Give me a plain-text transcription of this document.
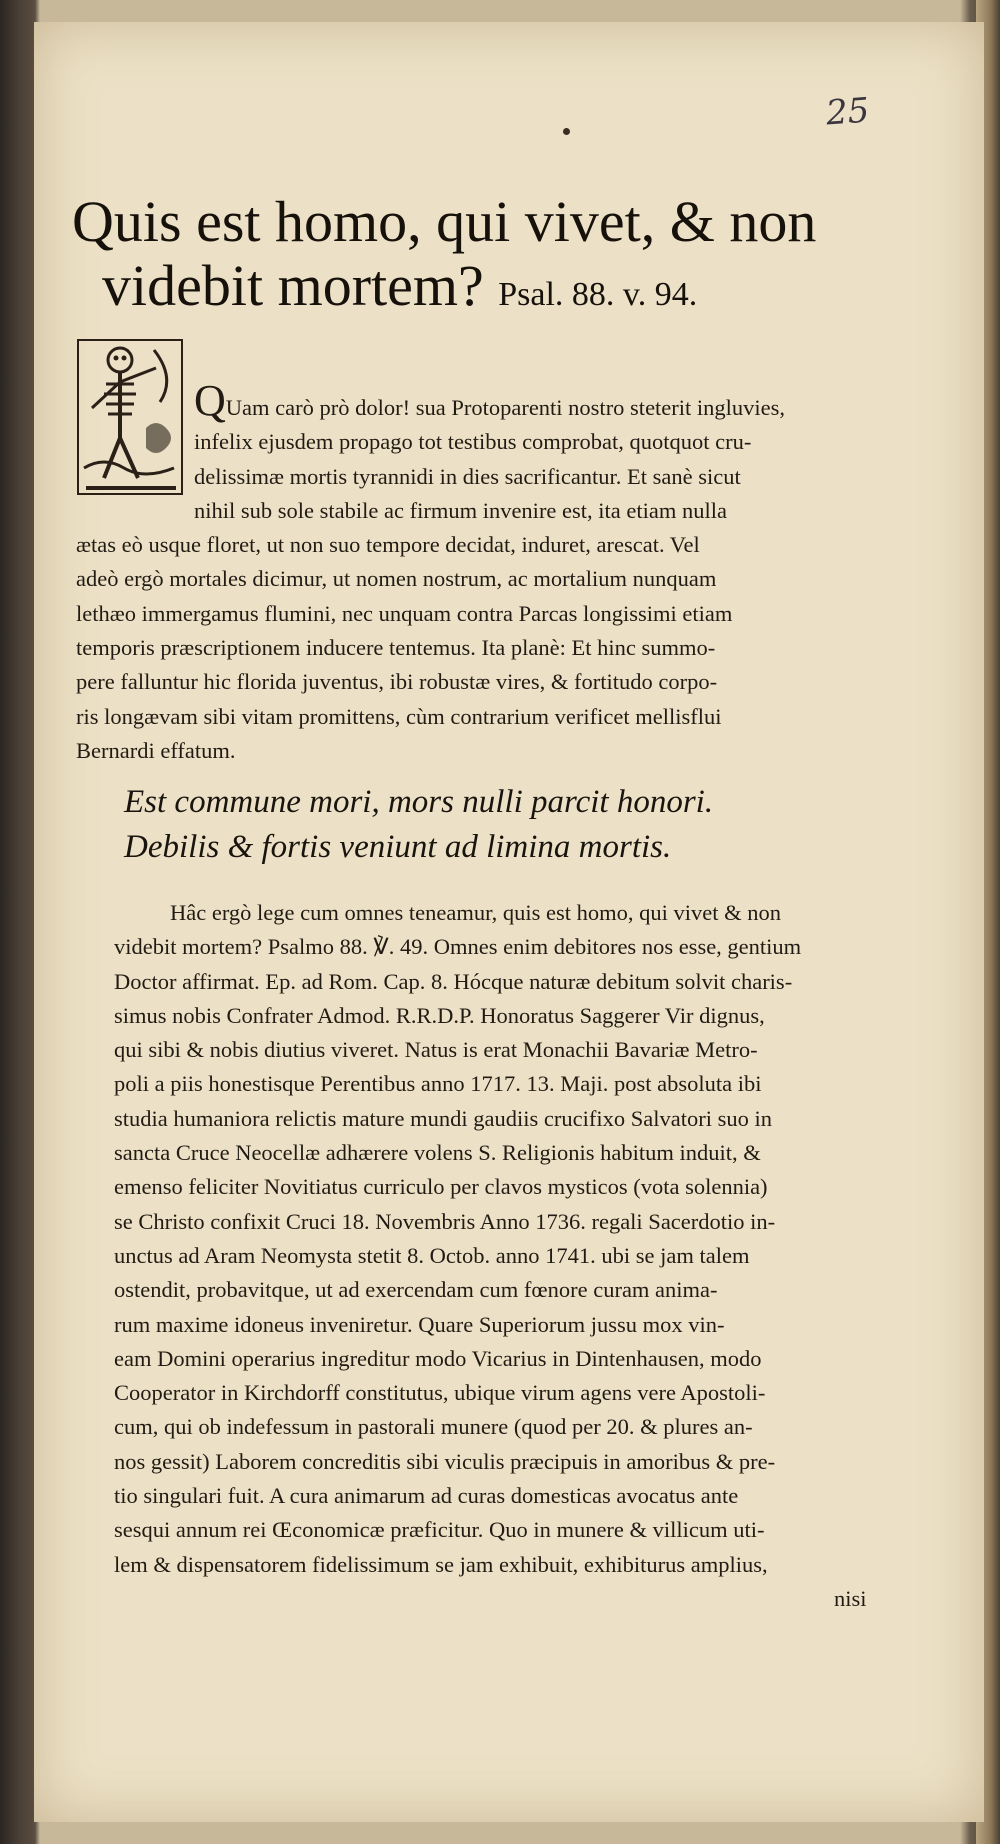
25
Quis est homo, qui vivet, & non
videbit mortem? Psal. 88. v. 94.
QUam carò prò dolor! sua Protoparenti nostro steterit ingluvies,
infelix ejusdem propago tot testibus comprobat, quotquot cru-
delissimæ mortis tyrannidi in dies sacrificantur. Et sanè sicut
nihil sub sole stabile ac firmum invenire est, ita etiam nulla
ætas eò usque floret, ut non suo tempore decidat, induret, arescat. Vel
adeò ergò mortales dicimur, ut nomen nostrum, ac mortalium nunquam
lethæo immergamus flumini, nec unquam contra Parcas longissimi etiam
temporis præscriptionem inducere tentemus. Ita planè: Et hinc summo-
pere falluntur hic florida juventus, ibi robustæ vires, & fortitudo corpo-
ris longævam sibi vitam promittens, cùm contrarium verificet mellisflui
Bernardi effatum.
Est commune mori, mors nulli parcit honori.
Debilis & fortis veniunt ad limina mortis.
Hâc ergò lege cum omnes teneamur, quis est homo, qui vivet & non
videbit mortem? Psalmo 88. ℣. 49. Omnes enim debitores nos esse, gentium
Doctor affirmat. Ep. ad Rom. Cap. 8. Hócque naturæ debitum solvit charis-
simus nobis Confrater Admod. R.R.D.P. Honoratus Saggerer Vir dignus,
qui sibi & nobis diutius viveret. Natus is erat Monachii Bavariæ Metro-
poli a piis honestisque Perentibus anno 1717. 13. Maji. post absoluta ibi
studia humaniora relictis mature mundi gaudiis crucifixo Salvatori suo in
sancta Cruce Neocellæ adhærere volens S. Religionis habitum induit, &
emenso feliciter Novitiatus curriculo per clavos mysticos (vota solennia)
se Christo confixit Cruci 18. Novembris Anno 1736. regali Sacerdotio in-
unctus ad Aram Neomysta stetit 8. Octob. anno 1741. ubi se jam talem
ostendit, probavitque, ut ad exercendam cum fœnore curam anima-
rum maxime idoneus inveniretur. Quare Superiorum jussu mox vin-
eam Domini operarius ingreditur modo Vicarius in Dintenhausen, modo
Cooperator in Kirchdorff constitutus, ubique virum agens vere Apostoli-
cum, qui ob indefessum in pastorali munere (quod per 20. & plures an-
nos gessit) Laborem concreditis sibi viculis præcipuis in amoribus & pre-
tio singulari fuit. A cura animarum ad curas domesticas avocatus ante
sesqui annum rei Œconomicæ præficitur. Quo in munere & villicum uti-
lem & dispensatorem fidelissimum se jam exhibuit, exhibiturus amplius,
nisi
